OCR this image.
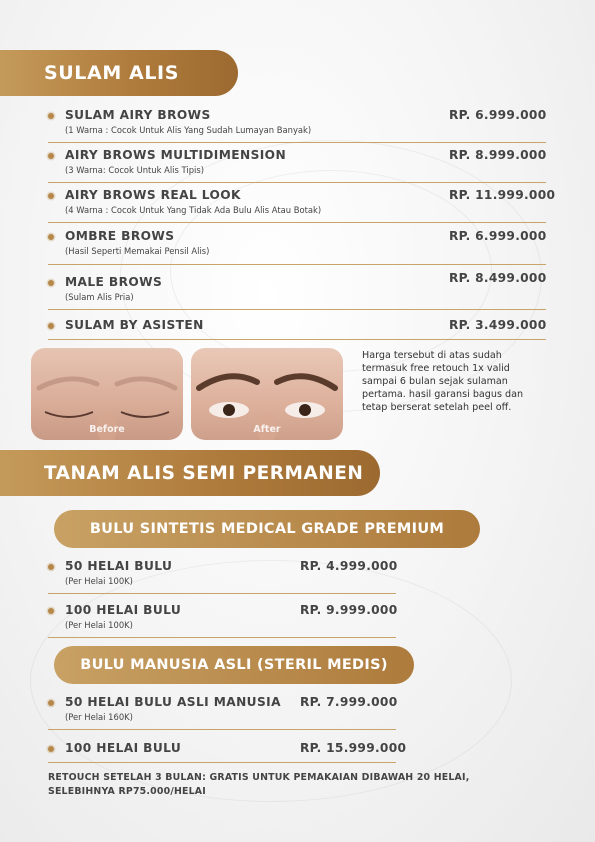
SULAM ALIS
SULAM AIRY BROWS
(1 Warna : Cocok Untuk Alis Yang Sudah Lumayan Banyak)
RP. 6.999.000
AIRY BROWS MULTIDIMENSION
(3 Warna: Cocok Untuk Alis Tipis)
RP. 8.999.000
AIRY BROWS REAL LOOK
(4 Warna : Cocok Untuk Yang Tidak Ada Bulu Alis Atau Botak)
RP. 11.999.000
OMBRE BROWS
(Hasil Seperti Memakai Pensil Alis)
RP. 6.999.000
MALE BROWS
(Sulam Alis Pria)
RP. 8.499.000
SULAM BY ASISTEN	RP. 3.499.000
Before	After
Harga tersebut di atas sudah termasuk free retouch 1x valid sampai 6 bulan sejak sulaman pertama. hasil garansi bagus dan tetap berserat setelah peel off.
TANAM ALIS SEMI PERMANEN
BULU SINTETIS MEDICAL GRADE PREMIUM
50 HELAI BULU
(Per Helai 100K)
RP. 4.999.000
100 HELAI BULU
(Per Helai 100K)
RP. 9.999.000
BULU MANUSIA ASLI (STERIL MEDIS)
50 HELAI BULU ASLI MANUSIA
(Per Helai 160K)
RP. 7.999.000
100 HELAI BULU	RP. 15.999.000
RETOUCH SETELAH 3 BULAN: GRATIS UNTUK PEMAKAIAN DIBAWAH 20 HELAI, SELEBIHNYA RP75.000/HELAI
